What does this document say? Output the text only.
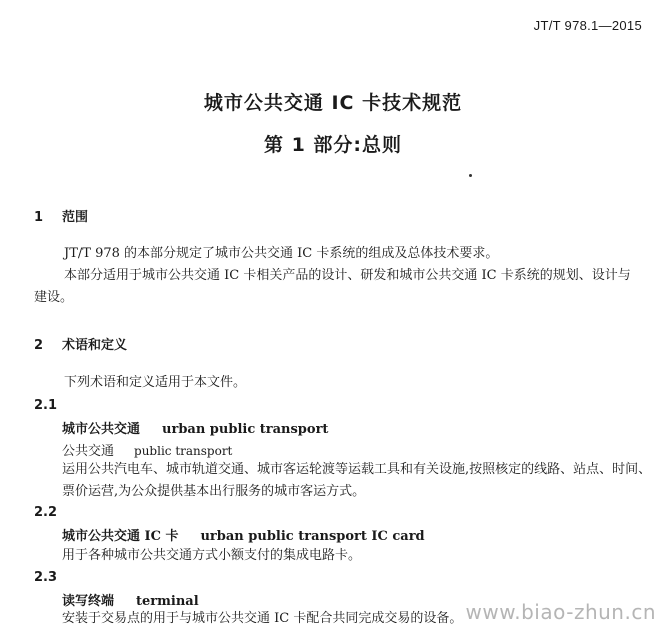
JT/T 978.1—2015
城市公共交通 IC 卡技术规范
第 1 部分:总则
1 范围
JT/T 978 的本部分规定了城市公共交通 IC 卡系统的组成及总体技术要求。
本部分适用于城市公共交通 IC 卡相关产品的设计、研发和城市公共交通 IC 卡系统的规划、设计与建设。
2 术语和定义
下列术语和定义适用于本文件。
2.1
城市公共交通 urban public transport
公共交通 public transport
运用公共汽电车、城市轨道交通、城市客运轮渡等运载工具和有关设施,按照核定的线路、站点、时间、票价运营,为公众提供基本出行服务的城市客运方式。
2.2
城市公共交通 IC 卡 urban public transport IC card
用于各种城市公共交通方式小额支付的集成电路卡。
2.3
读写终端 terminal
安装于交易点的用于与城市公共交通 IC 卡配合共同完成交易的设备。 www.biao-zhun.cn
